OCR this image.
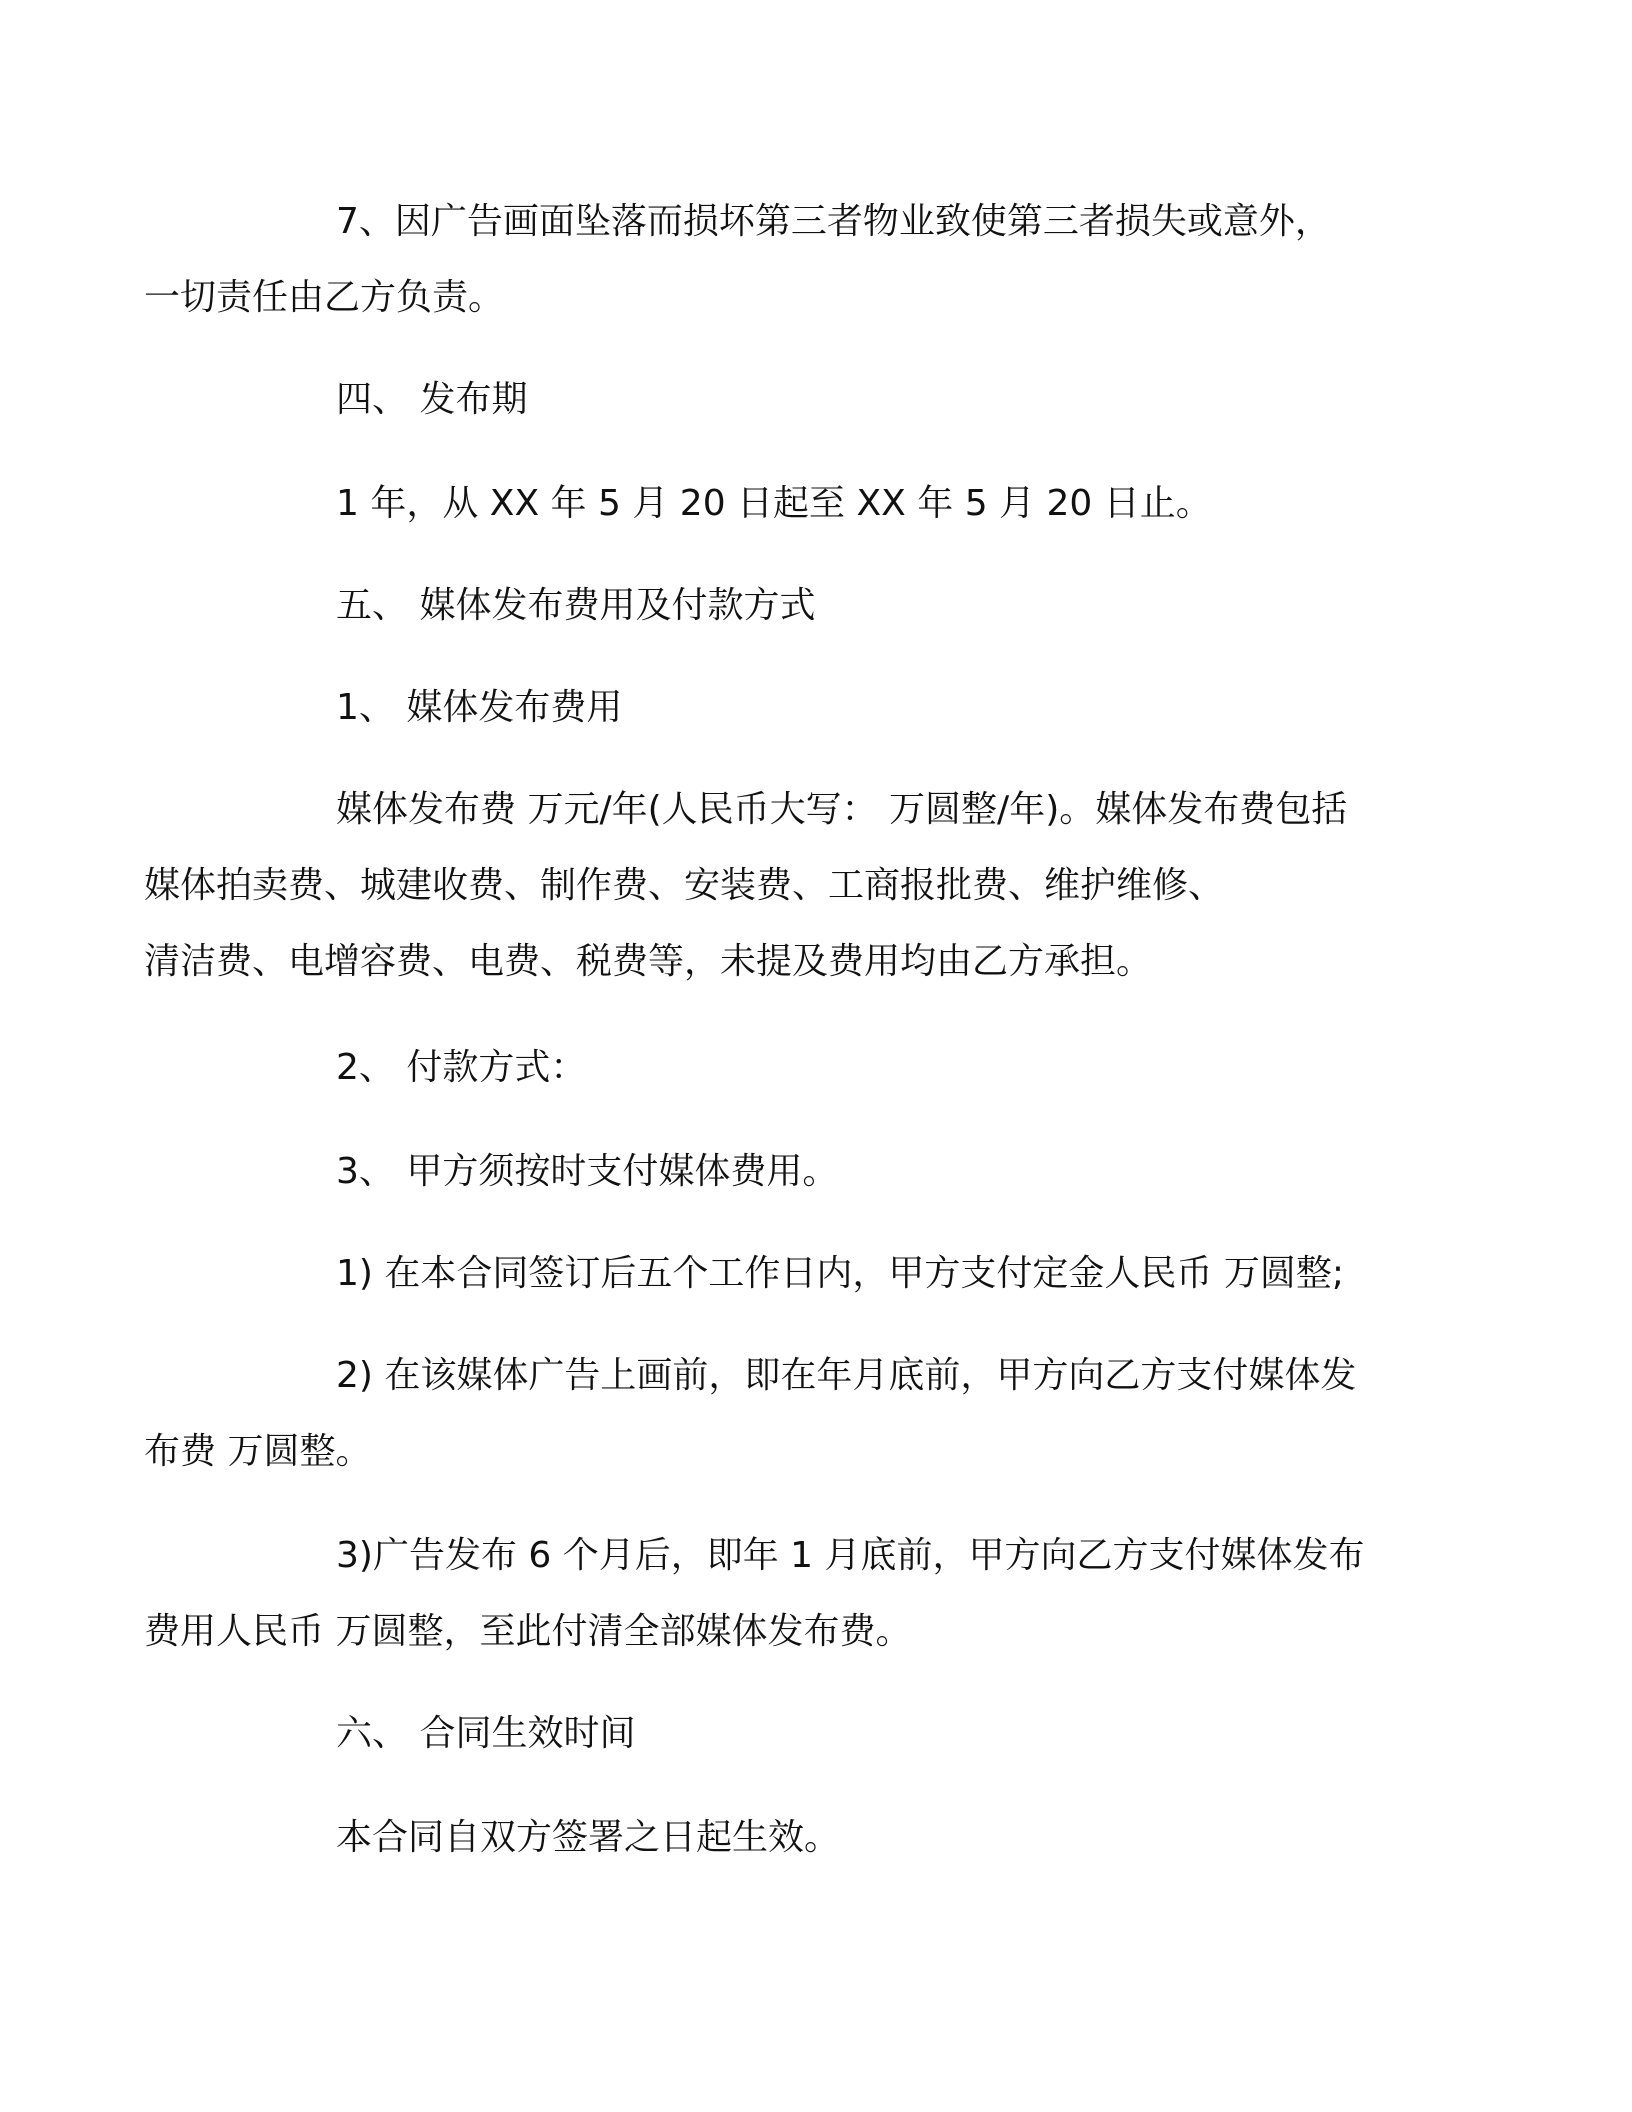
7、因广告画面坠落而损坏第三者物业致使第三者损失或意外，
一切责任由乙方负责。
四、 发布期
1 年，从 XX 年 5 月 20 日起至 XX 年 5 月 20 日止。
五、 媒体发布费用及付款方式
1、 媒体发布费用
媒体发布费 万元/年(人民币大写： 万圆整/年)。媒体发布费包括
媒体拍卖费、城建收费、制作费、安装费、工商报批费、维护维修、
清洁费、电增容费、电费、税费等，未提及费用均由乙方承担。
2、 付款方式：
3、 甲方须按时支付媒体费用。
1) 在本合同签订后五个工作日内，甲方支付定金人民币 万圆整;
2) 在该媒体广告上画前，即在年月底前，甲方向乙方支付媒体发
布费 万圆整。
3)广告发布 6 个月后，即年 1 月底前，甲方向乙方支付媒体发布
费用人民币 万圆整，至此付清全部媒体发布费。
六、 合同生效时间
本合同自双方签署之日起生效。
